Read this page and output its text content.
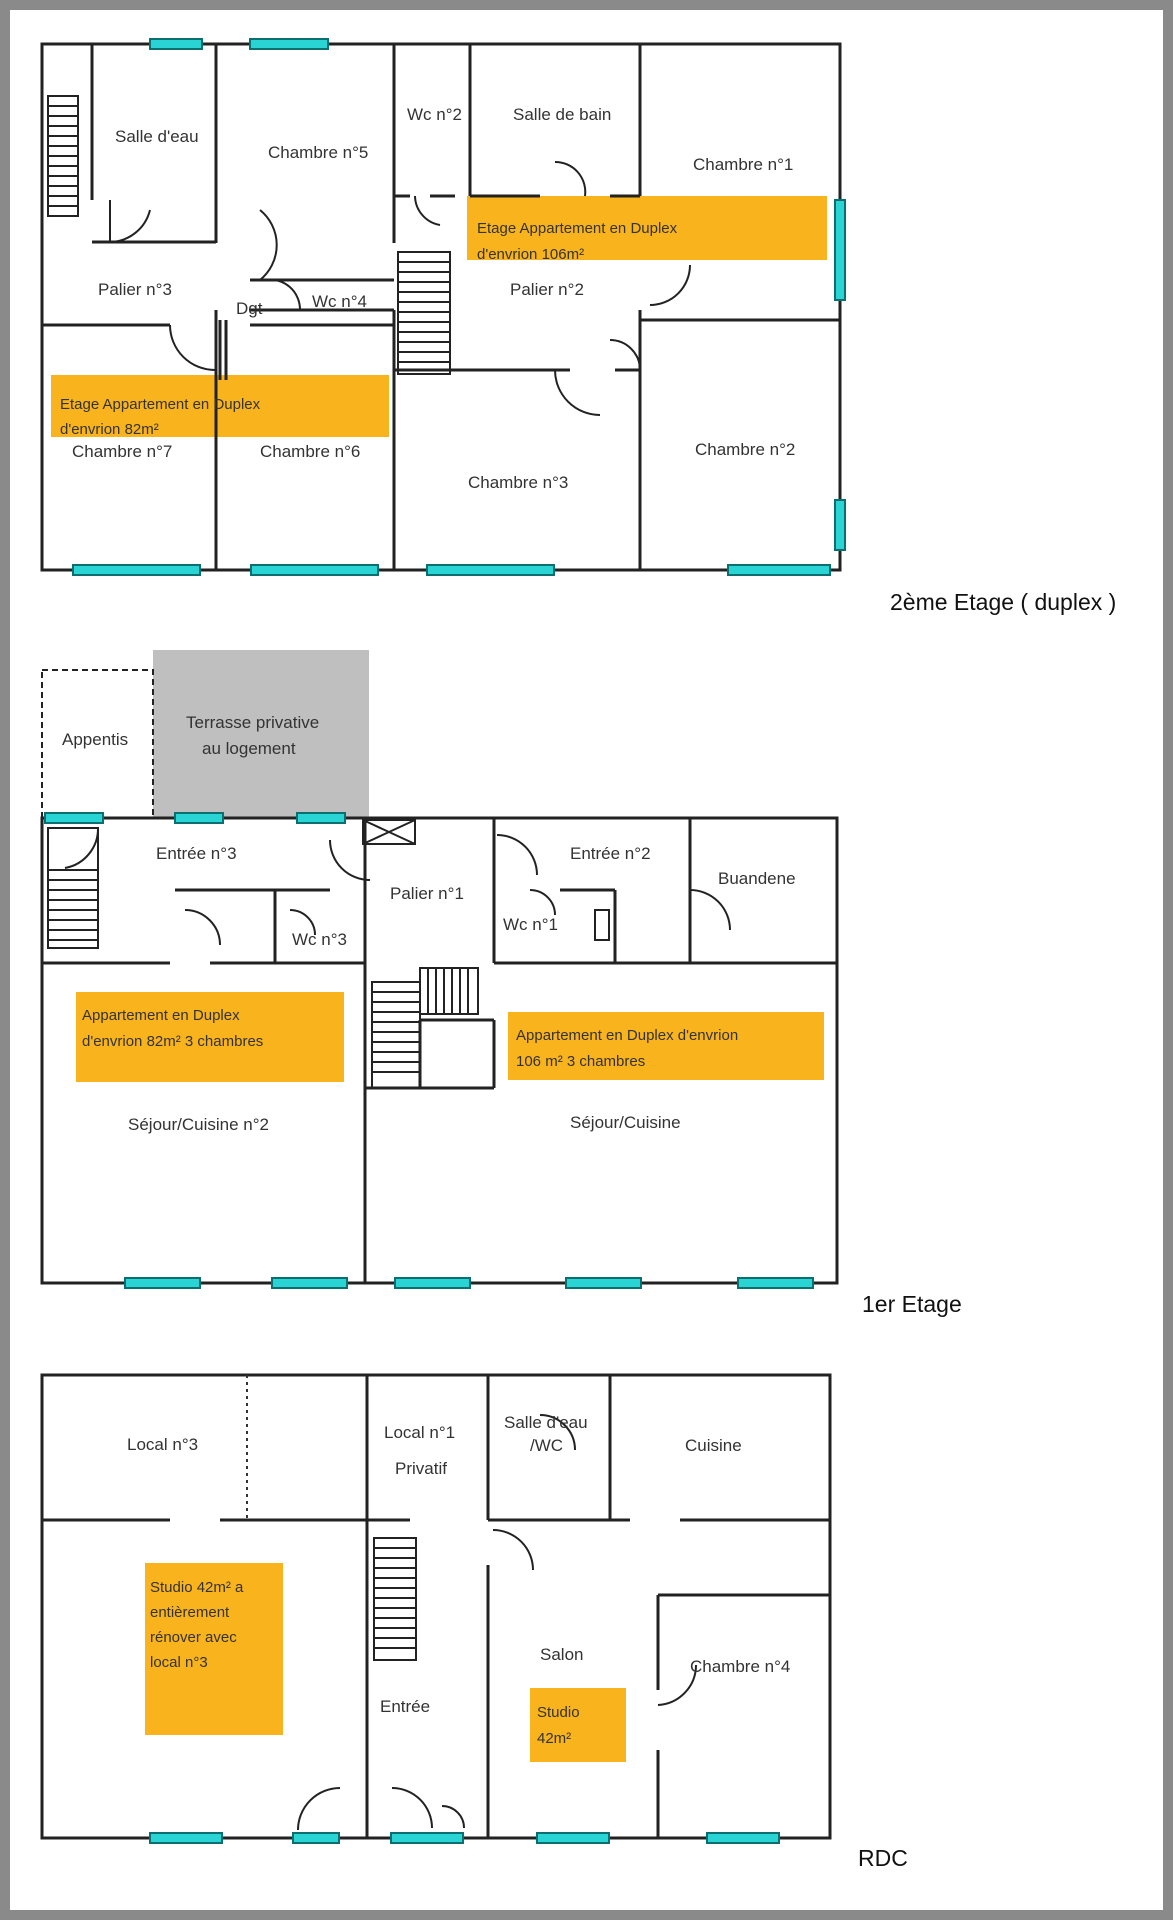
Salle d'eau
Chambre n°5
Wc n°2	Salle de bain
Chambre n°1
Palier n°3
Dgt	Wc n°4
Palier n°2
Chambre n°7	Chambre n°6
Chambre n°3
Chambre n°2
Etage Appartement en Duplex
d'envrion 106m²
Etage Appartement en Duplex
d'envrion 82m²
2ème Etage ( duplex )
Appentis
Terrasse privative
au logement
Entrée n°3
Palier n°1
Entrée n°2
Buandene
Wc n°3
Wc n°1
Séjour/Cuisine n°2	Séjour/Cuisine
Appartement en Duplex
d'envrion 82m² 3 chambres	Appartement en Duplex d'envrion
106 m² 3 chambres
1er Etage
Local n°3
Local n°1
Privatif
Salle d'eau
/WC	Cuisine
Salon
Chambre n°4
Entrée
Studio 42m² a
entièrement
rénover avec
local n°3
Studio
42m²
RDC
